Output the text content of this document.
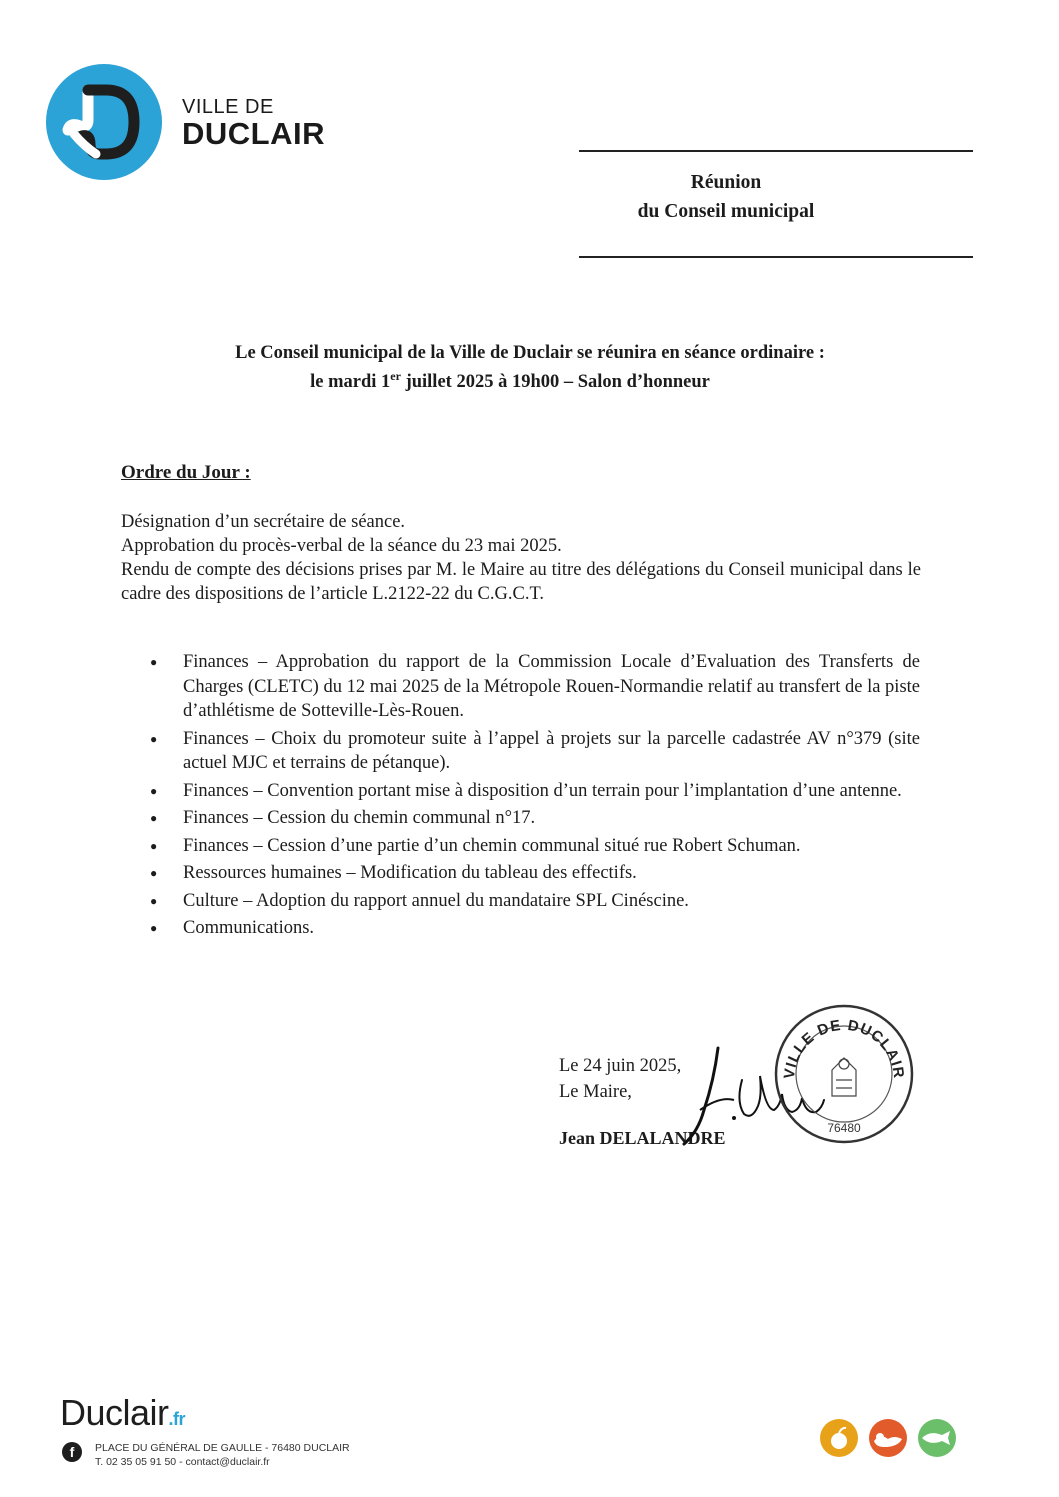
VILLE DE
DUCLAIR
Réunion
du Conseil municipal
Le Conseil municipal de la Ville de Duclair se réunira en séance ordinaire :
le mardi 1er juillet 2025 à 19h00 – Salon d’honneur
Ordre du Jour :

Désignation d’un secrétaire de séance.

Approbation du procès-verbal de la séance du 23 mai 2025.

Rendu de compte des décisions prises par M. le Maire au titre des délégations du Conseil municipal dans le cadre des dispositions de l’article L.2122-22 du C.G.C.T.

● Finances – Approbation du rapport de la Commission Locale d’Evaluation des Transferts de Charges (CLETC) du 12 mai 2025 de la Métropole Rouen-Normandie relatif au transfert de la piste d’athlétisme de Sotteville-Lès-Rouen.
● Finances – Choix du promoteur suite à l’appel à projets sur la parcelle cadastrée AV n°379 (site actuel MJC et terrains de pétanque).
● Finances – Convention portant mise à disposition d’un terrain pour l’implantation d’une antenne.
● Finances – Cession du chemin communal n°17.
● Finances – Cession d’une partie d’un chemin communal situé rue Robert Schuman.
● Ressources humaines – Modification du tableau des effectifs.
● Culture – Adoption du rapport annuel du mandataire SPL Cinéscine.
● Communications.
Le 24 juin 2025,
Le Maire,
Jean DELALANDRE
VILLE DE DUCLAIR
76480
Duclair.fr
f	PLACE DU GÉNÉRAL DE GAULLE - 76480 DUCLAIR
T. 02 35 05 91 50 - contact@duclair.fr
